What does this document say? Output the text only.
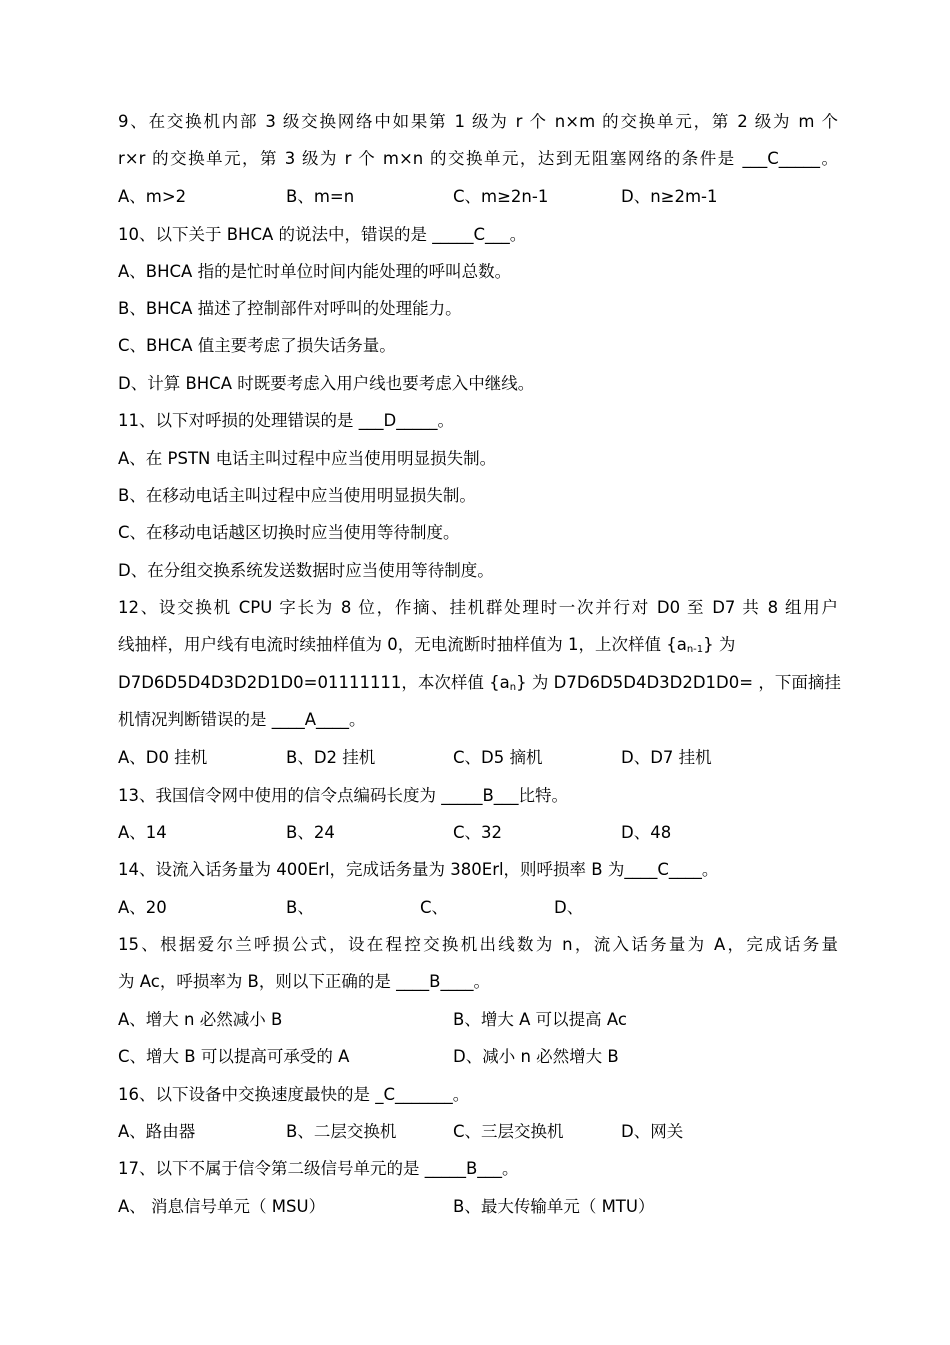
9、在交换机内部 3 级交换网络中如果第 1 级为 r 个 n×m 的交换单元，第 2 级为 m 个
r×r 的交换单元，第 3 级为 r 个 m×n 的交换单元，达到无阻塞网络的条件是 ___C_____。
A、m>2	B、m=n	C、m≥2n-1	D、n≥2m-1
10、以下关于 BHCA 的说法中，错误的是 _____C___。
A、BHCA 指的是忙时单位时间内能处理的呼叫总数。
B、BHCA 描述了控制部件对呼叫的处理能力。
C、BHCA 值主要考虑了损失话务量。
D、计算 BHCA 时既要考虑入用户线也要考虑入中继线。
11、以下对呼损的处理错误的是 ___D_____。
A、在 PSTN 电话主叫过程中应当使用明显损失制。
B、在移动电话主叫过程中应当使用明显损失制。
C、在移动电话越区切换时应当使用等待制度。
D、在分组交换系统发送数据时应当使用等待制度。
12、设交换机 CPU 字长为 8 位，作摘、挂机群处理时一次并行对 D0 至 D7 共 8 组用户
线抽样，用户线有电流时续抽样值为 0，无电流断时抽样值为 1，上次样值 $\{a_{n-1}\}$ 为
D7D6D5D4D3D2D1D0=01111111，本次样值 $\{a_n\}$ 为 D7D6D5D4D3D2D1D0= ，下面摘挂
机情况判断错误的是 ____A____。
A、D0 挂机	B、D2 挂机	C、D5 摘机	D、D7 挂机
13、我国信令网中使用的信令点编码长度为 _____B___比特。
A、14	B、24	C、32	D、48
14、设流入话务量为 400Erl，完成话务量为 380Erl，则呼损率 B 为____C____。
A、20	B、	C、	D、
15、根据爱尔兰呼损公式，设在程控交换机出线数为 n，流入话务量为 A，完成话务量
为 Ac，呼损率为 B，则以下正确的是 ____B____。
A、增大 n 必然减小 B	B、增大 A 可以提高 Ac
C、增大 B 可以提高可承受的 A	D、减小 n 必然增大 B
16、以下设备中交换速度最快的是 _C_______。
A、路由器	B、二层交换机	C、三层交换机	D、网关
17、以下不属于信令第二级信号单元的是 _____B___。
A、 消息信号单元（ MSU）	B、最大传输单元（ MTU）
